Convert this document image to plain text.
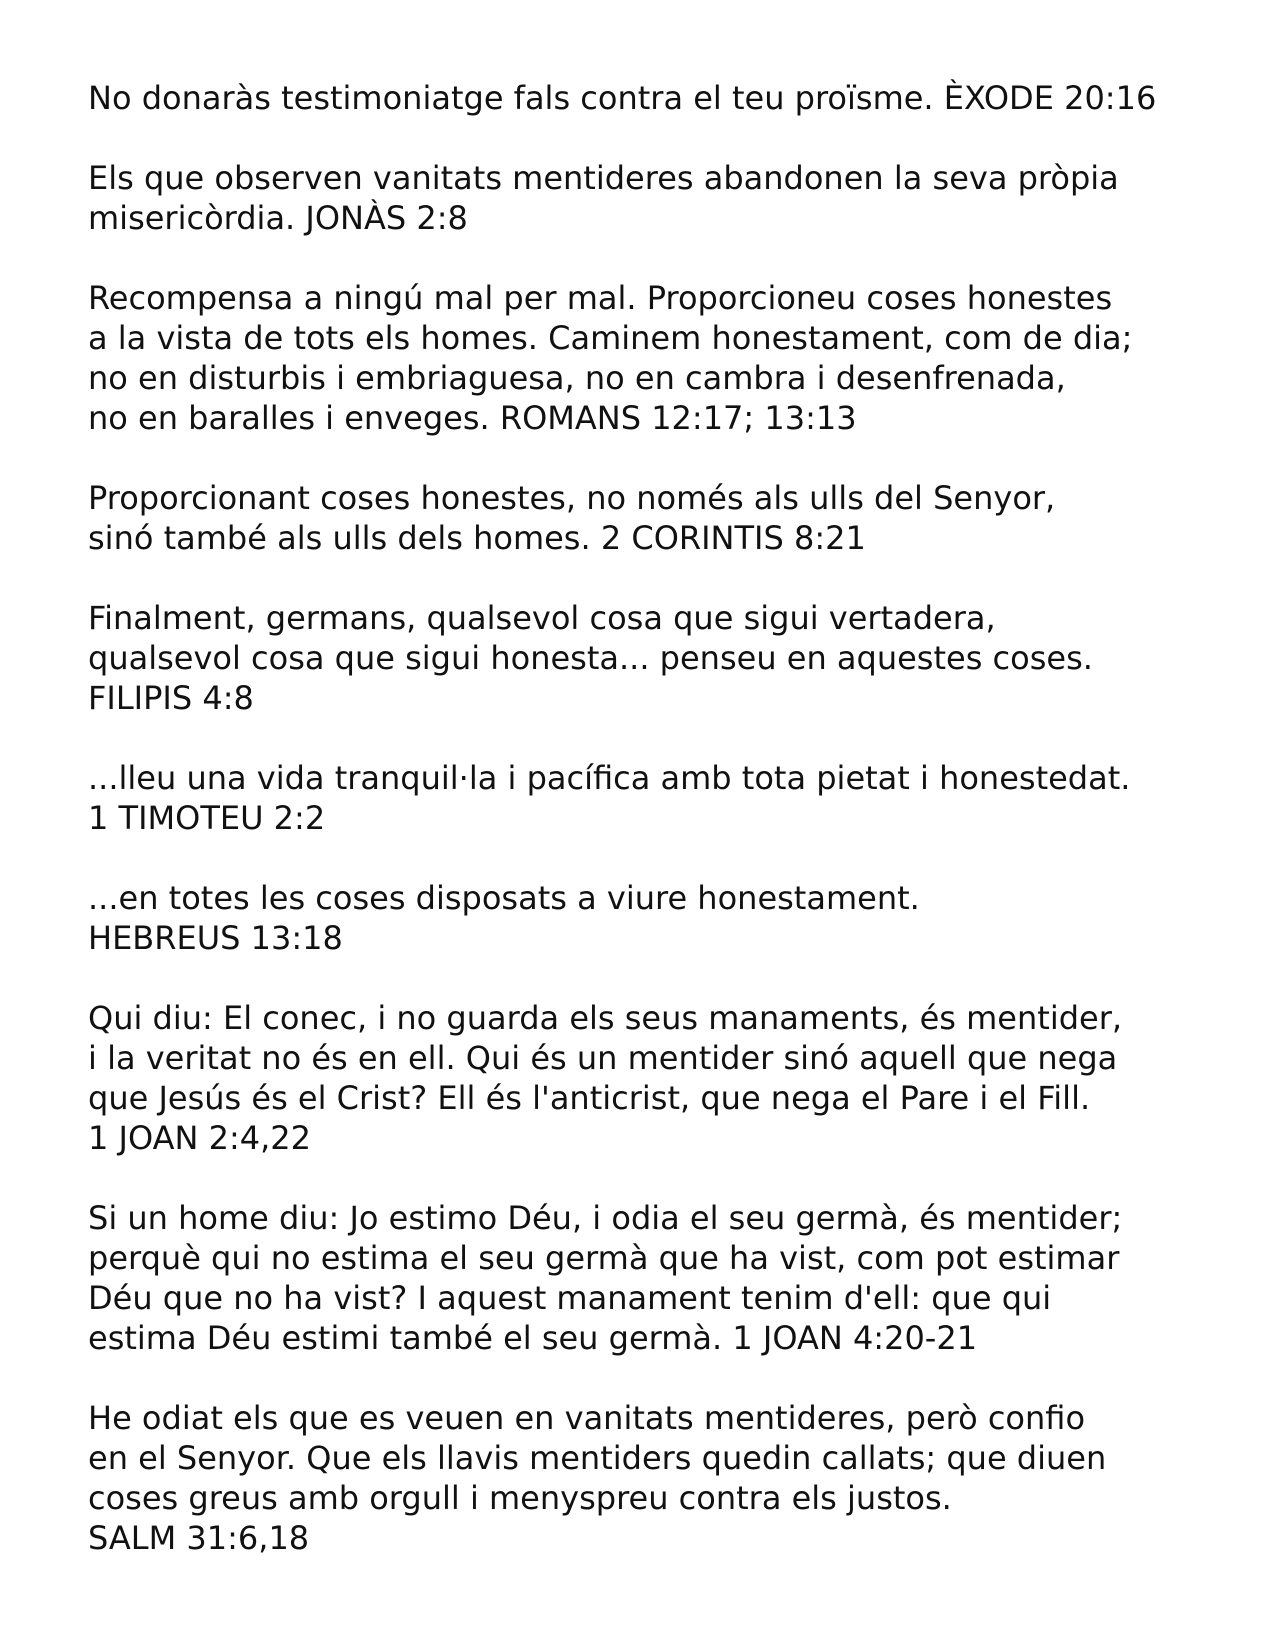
No donaràs testimoniatge fals contra el teu proïsme. ÈXODE 20:16

Els que observen vanitats mentideres abandonen la seva pròpia
misericòrdia. JONÀS 2:8

Recompensa a ningú mal per mal. Proporcioneu coses honestes
a la vista de tots els homes. Caminem honestament, com de dia;
no en disturbis i embriaguesa, no en cambra i desenfrenada,
no en baralles i enveges. ROMANS 12:17; 13:13

Proporcionant coses honestes, no només als ulls del Senyor,
sinó també als ulls dels homes. 2 CORINTIS 8:21

Finalment, germans, qualsevol cosa que sigui vertadera,
qualsevol cosa que sigui honesta... penseu en aquestes coses.
FILIPIS 4:8

...lleu una vida tranquil·la i pacífica amb tota pietat i honestedat.
1 TIMOTEU 2:2

...en totes les coses disposats a viure honestament.
HEBREUS 13:18

Qui diu: El conec, i no guarda els seus manaments, és mentider,
i la veritat no és en ell. Qui és un mentider sinó aquell que nega
que Jesús és el Crist? Ell és l'anticrist, que nega el Pare i el Fill.
1 JOAN 2:4,22

Si un home diu: Jo estimo Déu, i odia el seu germà, és mentider;
perquè qui no estima el seu germà que ha vist, com pot estimar
Déu que no ha vist? I aquest manament tenim d'ell: que qui
estima Déu estimi també el seu germà. 1 JOAN 4:20-21

He odiat els que es veuen en vanitats mentideres, però confio
en el Senyor. Que els llavis mentiders quedin callats; que diuen
coses greus amb orgull i menyspreu contra els justos.
SALM 31:6,18
